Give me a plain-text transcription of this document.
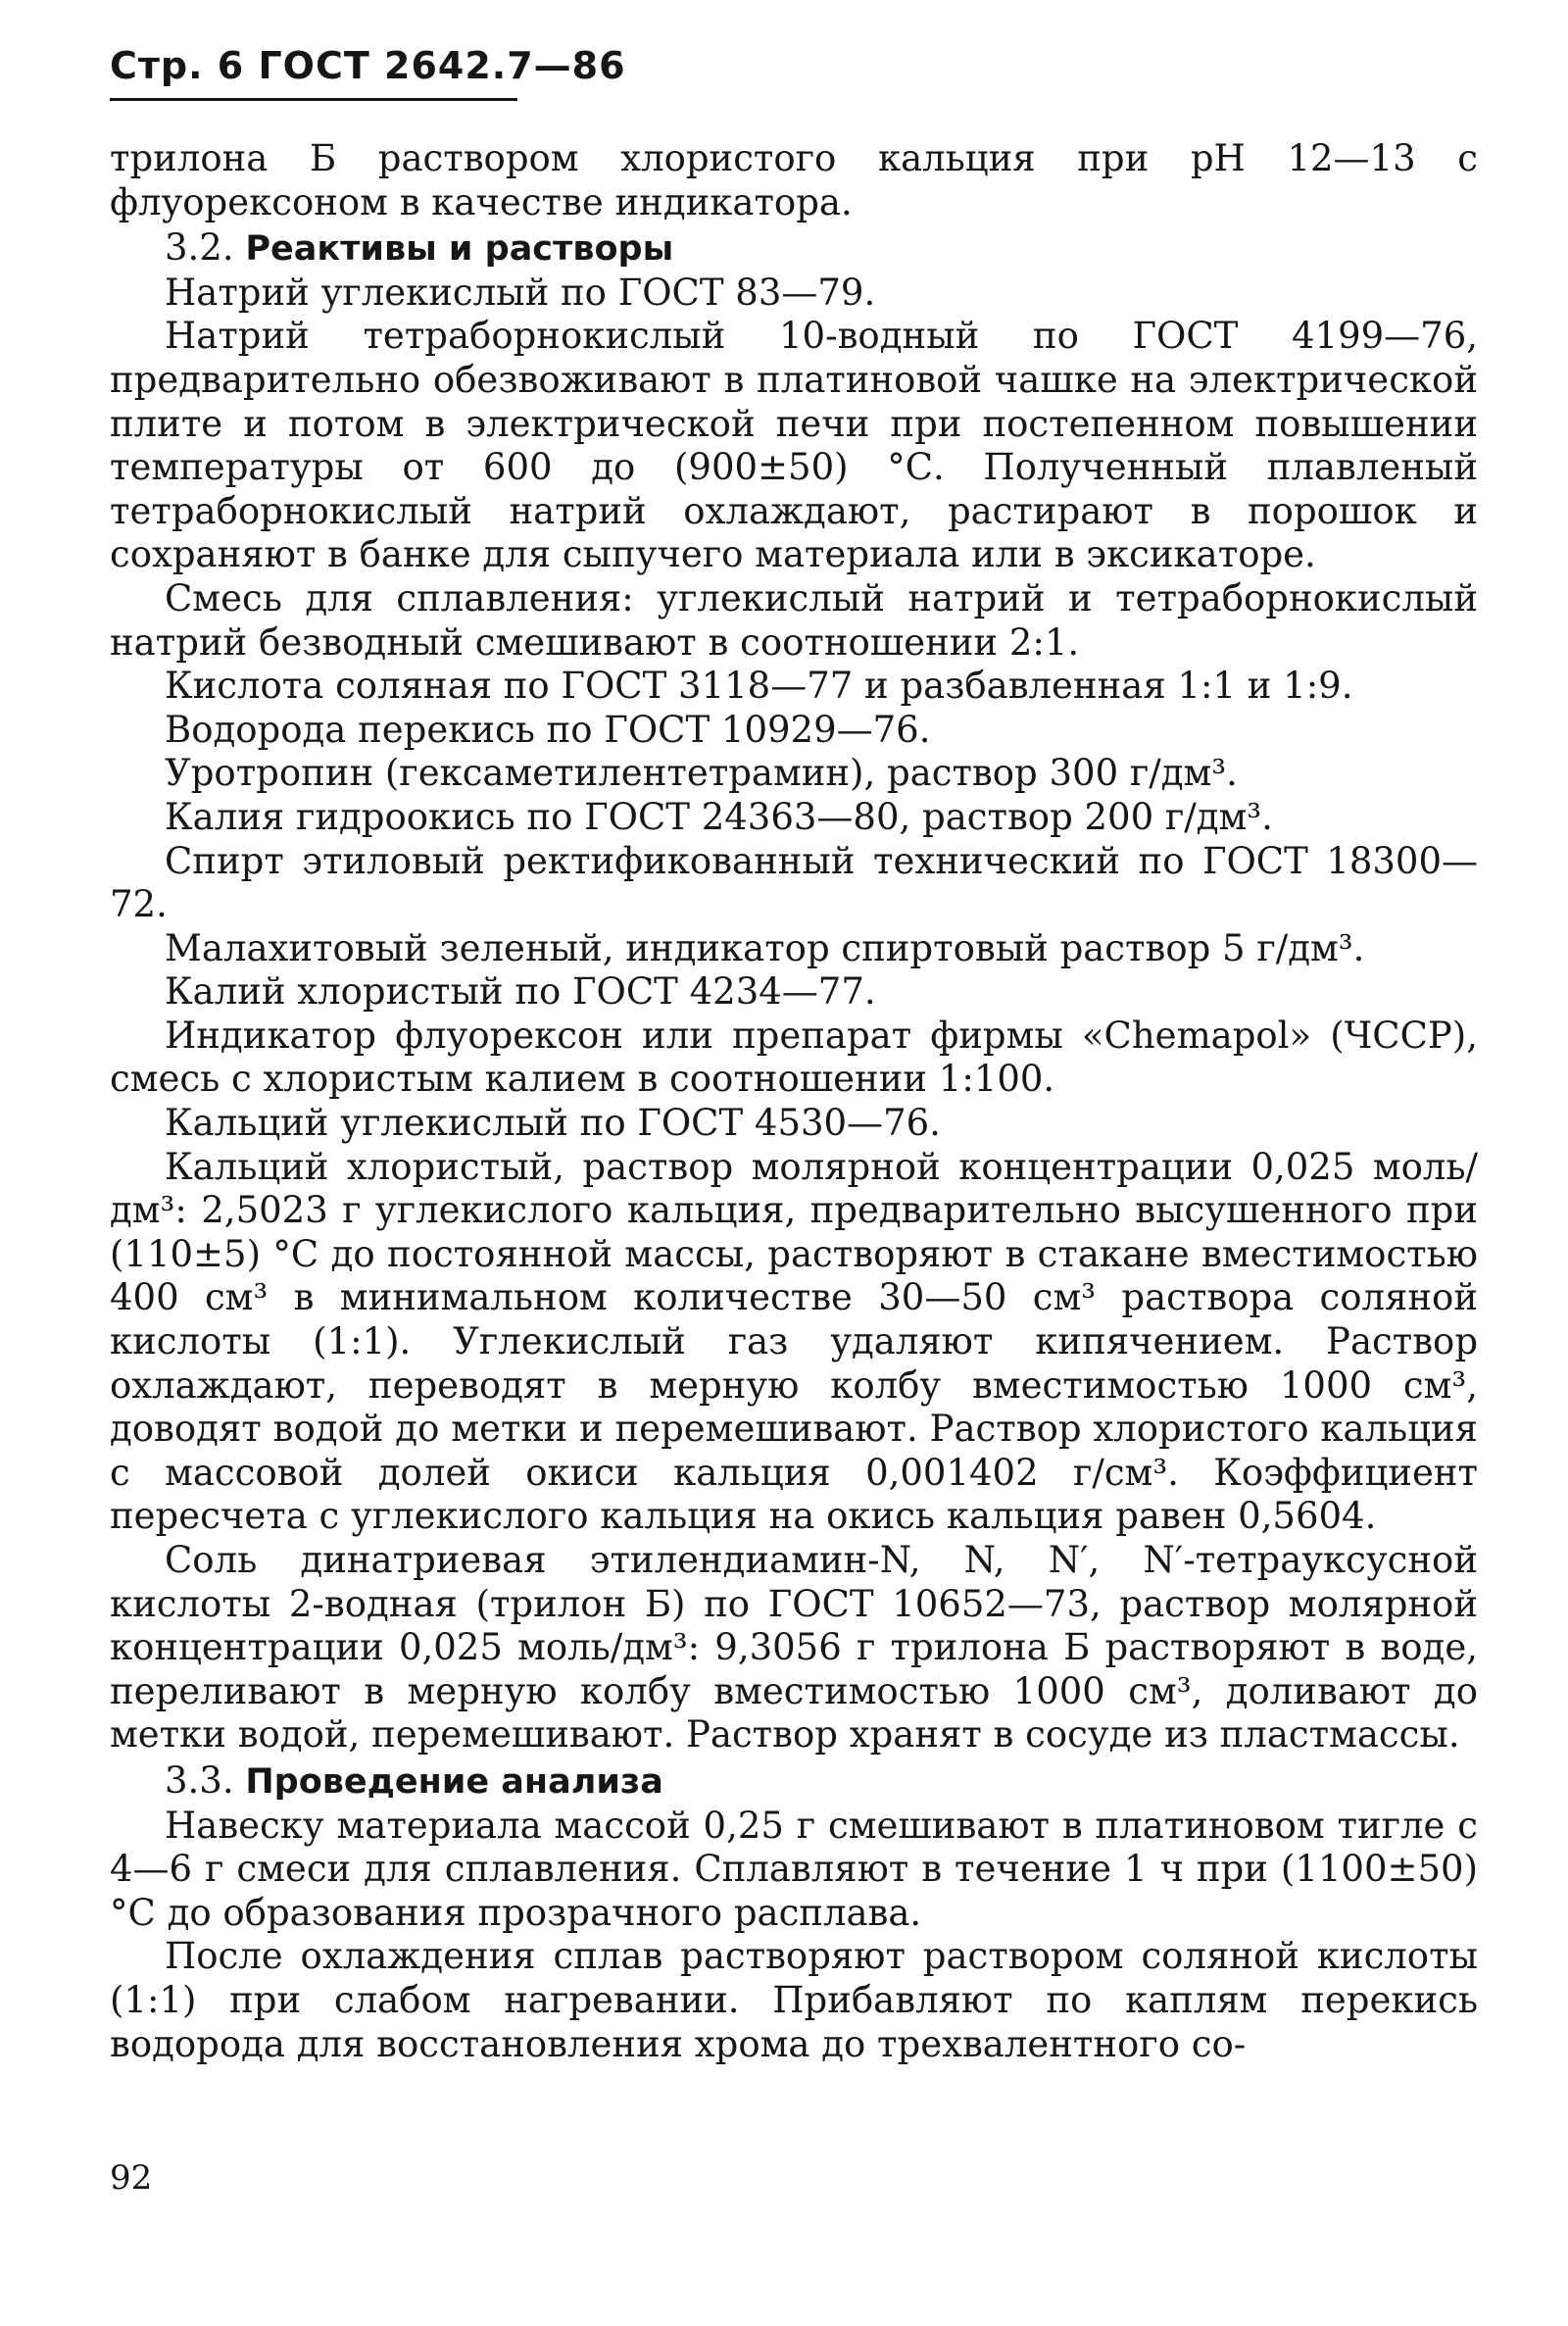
Стр. 6 ГОСТ 2642.7—86

трилона Б раствором хлористого кальция при рН 12—13 с флуорексоном в качестве индикатора.

3.2. Реактивы и растворы

Натрий углекислый по ГОСТ 83—79.

Натрий тетраборнокислый 10-водный по ГОСТ 4199—76, предварительно обезвоживают в платиновой чашке на электрической плите и потом в электрической печи при постепенном повышении температуры от 600 до (900±50) °С. Полученный плавленый тетраборнокислый натрий охлаждают, растирают в порошок и сохраняют в банке для сыпучего материала или в эксикаторе.

Смесь для сплавления: углекислый натрий и тетраборнокислый натрий безводный смешивают в соотношении 2:1.

Кислота соляная по ГОСТ 3118—77 и разбавленная 1:1 и 1:9.

Водорода перекись по ГОСТ 10929—76.

Уротропин (гексаметилентетрамин), раствор 300 г/дм³.

Калия гидроокись по ГОСТ 24363—80, раствор 200 г/дм³.

Спирт этиловый ректификованный технический по ГОСТ 18300—72.

Малахитовый зеленый, индикатор спиртовый раствор 5 г/дм³.

Калий хлористый по ГОСТ 4234—77.

Индикатор флуорексон или препарат фирмы «Chemapol» (ЧССР), смесь с хлористым калием в соотношении 1:100.

Кальций углекислый по ГОСТ 4530—76.

Кальций хлористый, раствор молярной концентрации 0,025 моль/дм³: 2,5023 г углекислого кальция, предварительно высушенного при (110±5) °С до постоянной массы, растворяют в стакане вместимостью 400 см³ в минимальном количестве 30—50 см³ раствора соляной кислоты (1:1). Углекислый газ удаляют кипячением. Раствор охлаждают, переводят в мерную колбу вместимостью 1000 см³, доводят водой до метки и перемешивают. Раствор хлористого кальция с массовой долей окиси кальция 0,001402 г/см³. Коэффициент пересчета с углекислого кальция на окись кальция равен 0,5604.

Соль динатриевая этилендиамин-N, N, N′, N′-тетрауксусной кислоты 2-водная (трилон Б) по ГОСТ 10652—73, раствор молярной концентрации 0,025 моль/дм³: 9,3056 г трилона Б растворяют в воде, переливают в мерную колбу вместимостью 1000 см³, доливают до метки водой, перемешивают. Раствор хранят в сосуде из пластмассы.

3.3. Проведение анализа

Навеску материала массой 0,25 г смешивают в платиновом тигле с 4—6 г смеси для сплавления. Сплавляют в течение 1 ч при (1100±50) °С до образования прозрачного расплава.

После охлаждения сплав растворяют раствором соляной кислоты (1:1) при слабом нагревании. Прибавляют по каплям перекись водорода для восстановления хрома до трехвалентного со-

92
